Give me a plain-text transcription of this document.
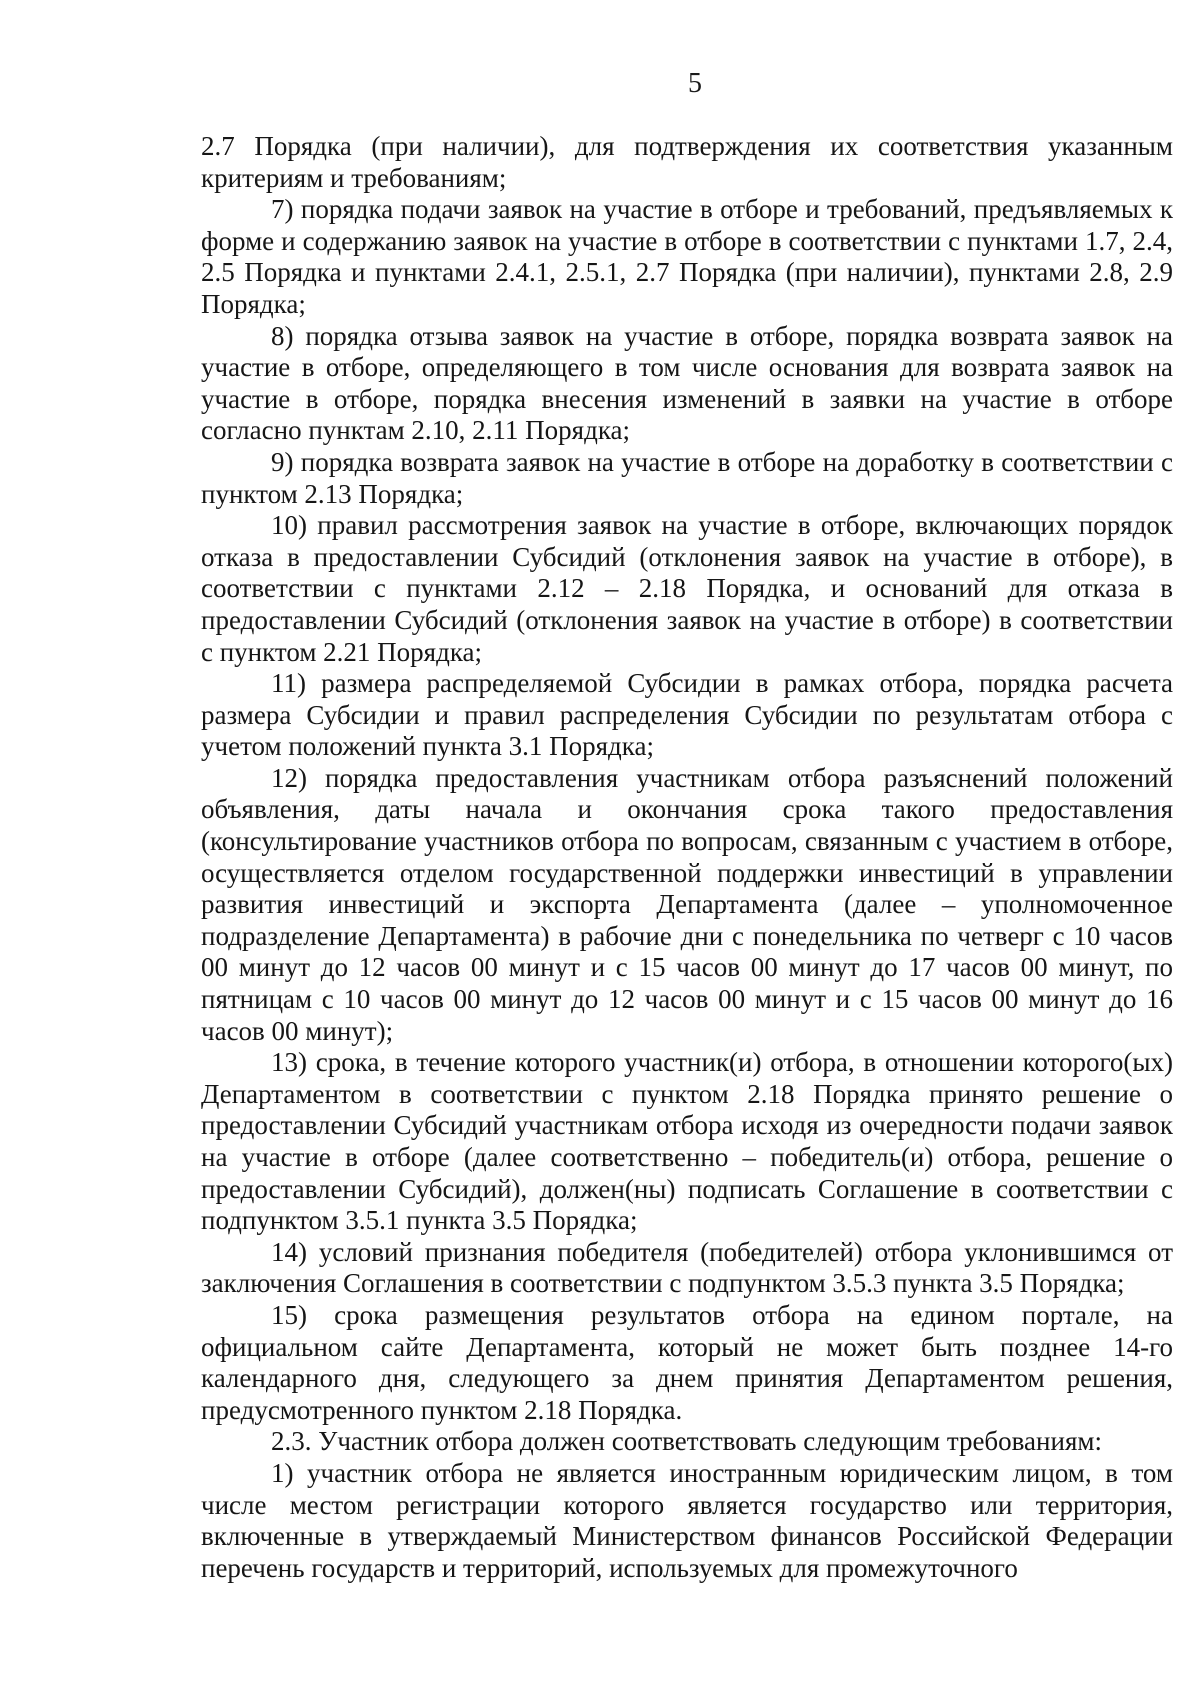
5

2.7 Порядка (при наличии), для подтверждения их соответствия указанным критериям и требованиям;

7) порядка подачи заявок на участие в отборе и требований, предъявляемых к форме и содержанию заявок на участие в отборе в соответствии с пунктами 1.7, 2.4, 2.5 Порядка и пунктами 2.4.1, 2.5.1, 2.7 Порядка (при наличии), пунктами 2.8, 2.9 Порядка;

8) порядка отзыва заявок на участие в отборе, порядка возврата заявок на участие в отборе, определяющего в том числе основания для возврата заявок на участие в отборе, порядка внесения изменений в заявки на участие в отборе согласно пунктам 2.10, 2.11 Порядка;

9) порядка возврата заявок на участие в отборе на доработку в соответствии с пунктом 2.13 Порядка;

10) правил рассмотрения заявок на участие в отборе, включающих порядок отказа в предоставлении Субсидий (отклонения заявок на участие в отборе), в соответствии с пунктами 2.12 – 2.18 Порядка, и оснований для отказа в предоставлении Субсидий (отклонения заявок на участие в отборе) в соответствии с пунктом 2.21 Порядка;

11) размера распределяемой Субсидии в рамках отбора, порядка расчета размера Субсидии и правил распределения Субсидии по результатам отбора с учетом положений пункта 3.1 Порядка;

12) порядка предоставления участникам отбора разъяснений положений объявления, даты начала и окончания срока такого предоставления (консультирование участников отбора по вопросам, связанным с участием в отборе, осуществляется отделом государственной поддержки инвестиций в управлении развития инвестиций и экспорта Департамента (далее – уполномоченное подразделение Департамента) в рабочие дни с понедельника по четверг с 10 часов 00 минут до 12 часов 00 минут и с 15 часов 00 минут до 17 часов 00 минут, по пятницам с 10 часов 00 минут до 12 часов 00 минут и с 15 часов 00 минут до 16 часов 00 минут);

13) срока, в течение которого участник(и) отбора, в отношении которого(ых) Департаментом в соответствии с пунктом 2.18 Порядка принято решение о предоставлении Субсидий участникам отбора исходя из очередности подачи заявок на участие в отборе (далее соответственно – победитель(и) отбора, решение о предоставлении Субсидий), должен(ны) подписать Соглашение в соответствии с подпунктом 3.5.1 пункта 3.5 Порядка;

14) условий признания победителя (победителей) отбора уклонившимся от заключения Соглашения в соответствии с подпунктом 3.5.3 пункта 3.5 Порядка;

15) срока размещения результатов отбора на едином портале, на официальном сайте Департамента, который не может быть позднее 14-го календарного дня, следующего за днем принятия Департаментом решения, предусмотренного пунктом 2.18 Порядка.

2.3. Участник отбора должен соответствовать следующим требованиям:

1) участник отбора не является иностранным юридическим лицом, в том числе местом регистрации которого является государство или территория, включенные в утверждаемый Министерством финансов Российской Федерации перечень государств и территорий, используемых для промежуточного
